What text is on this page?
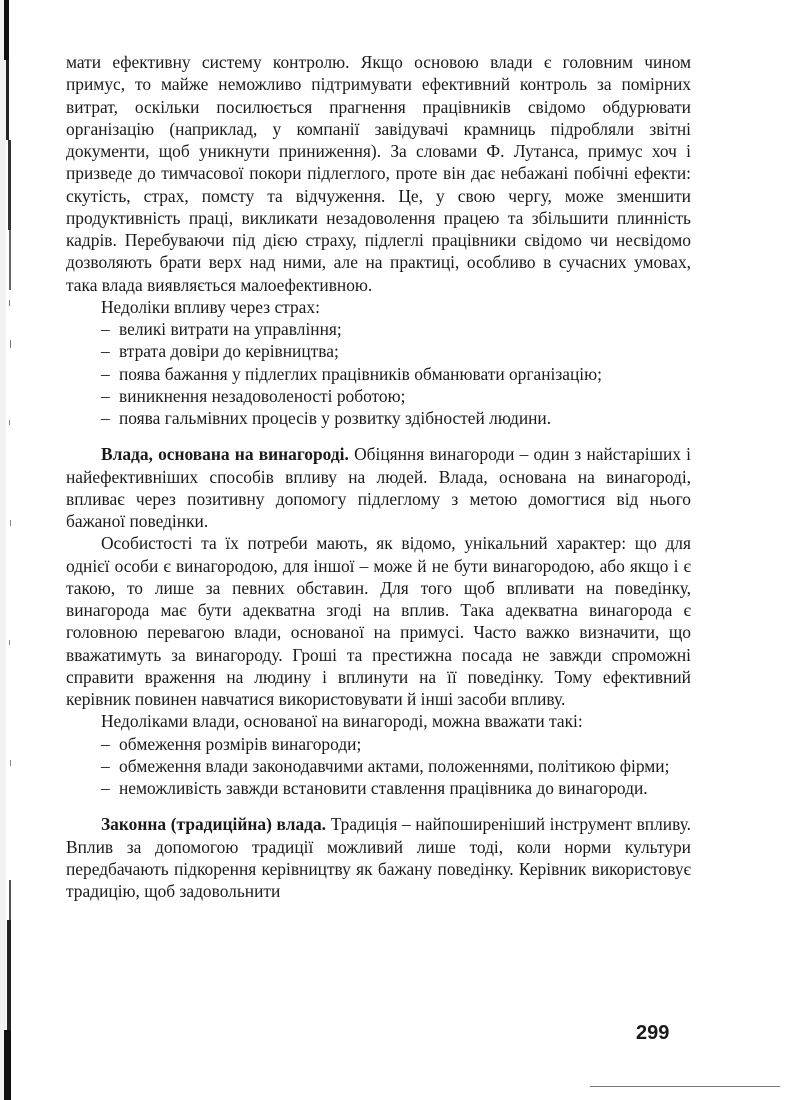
мати ефективну систему контролю. Якщо основою влади є головним чином примус, то майже неможливо підтримувати ефективний контроль за помірних витрат, оскільки посилюється прагнення працівників свідомо обдурювати організацію (наприклад, у компанії завідувачі крамниць підробляли звітні документи, щоб уникнути приниження). За словами Ф. Лутанса, примус хоч і призведе до тимчасової покори підлеглого, проте він дає небажані побічні ефекти: скутість, страх, помсту та відчуження. Це, у свою чергу, може зменшити продуктивність праці, викликати незадоволення працею та збільшити плинність кадрів. Перебуваючи під дією страху, підлеглі працівники свідомо чи несвідомо дозволяють брати верх над ними, але на практиці, особливо в сучасних умовах, така влада виявляється малоефективною.

Недоліки впливу через страх:

– великі витрати на управління;
– втрата довіри до керівництва;
– поява бажання у підлеглих працівників обманювати організацію;
– виникнення незадоволеності роботою;
– поява гальмівних процесів у розвитку здібностей людини.

Влада, основана на винагороді. Обіцяння винагороди – один з найстаріших і найефективніших способів впливу на людей. Влада, основана на винагороді, впливає через позитивну допомогу підлеглому з метою домогтися від нього бажаної поведінки.

Особистості та їх потреби мають, як відомо, унікальний характер: що для однієї особи є винагородою, для іншої – може й не бути винагородою, або якщо і є такою, то лише за певних обставин. Для того щоб впливати на поведінку, винагорода має бути адекватна згоді на вплив. Така адекватна винагорода є головною перевагою влади, основаної на примусі. Часто важко визначити, що вважатимуть за винагороду. Гроші та престижна посада не завжди спроможні справити враження на людину і вплинути на її поведінку. Тому ефективний керівник повинен навчатися використовувати й інші засоби впливу.

Недоліками влади, основаної на винагороді, можна вважати такі:

– обмеження розмірів винагороди;
– обмеження влади законодавчими актами, положеннями, політикою фірми;
– неможливість завжди встановити ставлення працівника до винагороди.

Законна (традиційна) влада. Традиція – найпоширеніший інструмент впливу. Вплив за допомогою традиції можливий лише тоді, коли норми культури передбачають підкорення керівництву як бажану поведінку. Керівник використовує традицію, щоб задовольнити

299
